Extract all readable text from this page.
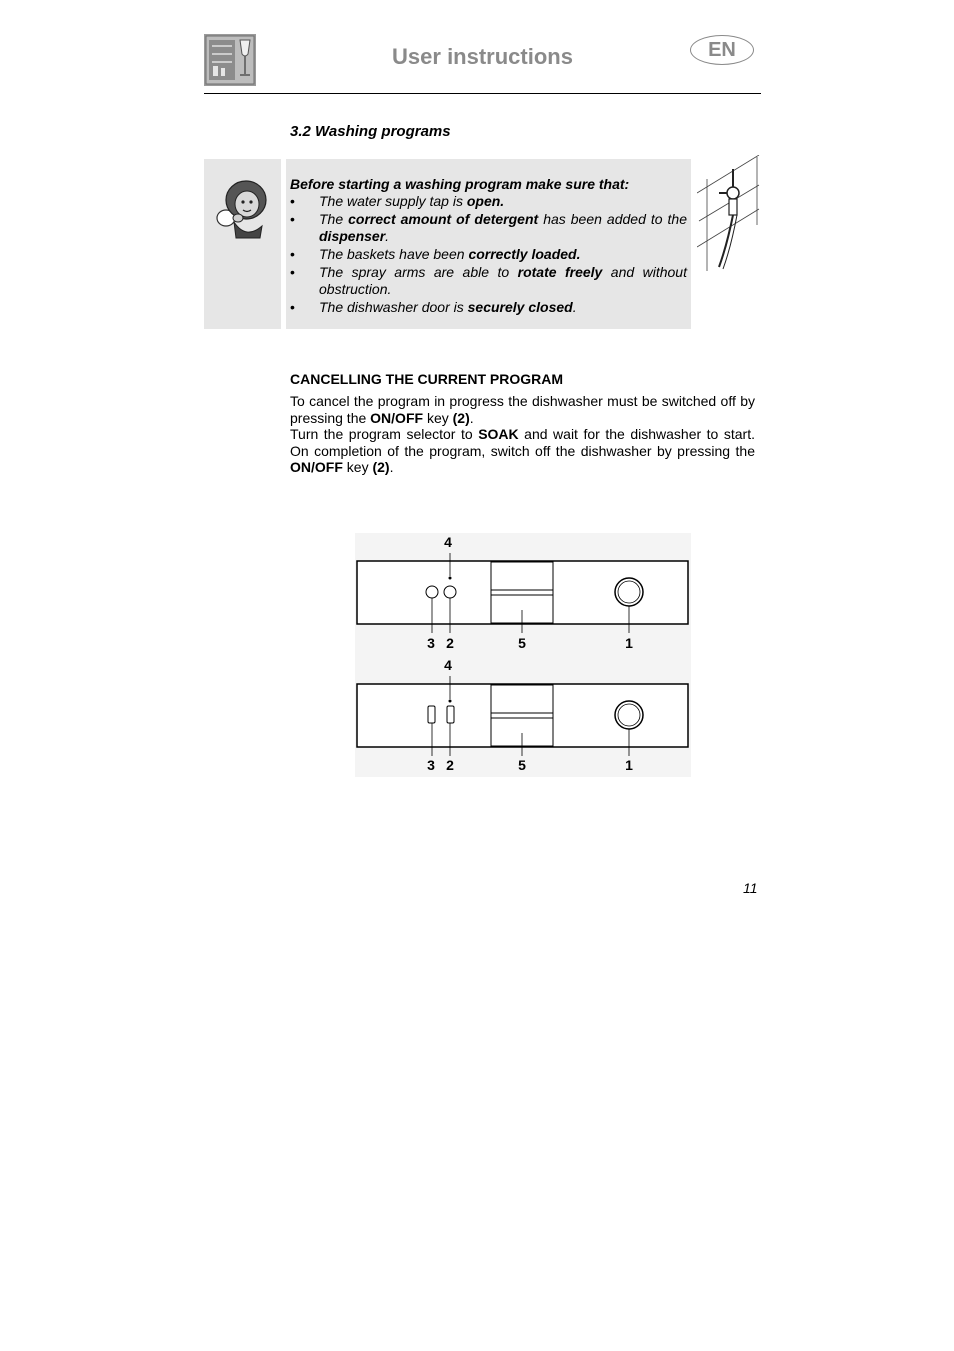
User instructions	EN
3.2 Washing programs
Before starting a washing program make sure that:
• The water supply tap is open.
• The correct amount of detergent has been added to the dispenser.
• The baskets have been correctly loaded.
• The spray arms are able to rotate freely and without obstruction.
• The dishwasher door is securely closed.
CANCELLING THE CURRENT PROGRAM

To cancel the program in progress the dishwasher must be switched off by pressing the ON/OFF key (2).

Turn the program selector to SOAK and wait for the dishwasher to start. On completion of the program, switch off the dishwasher by pressing the ON/OFF key (2).

4
3 2	5	1
4
3 2	5	1
11
